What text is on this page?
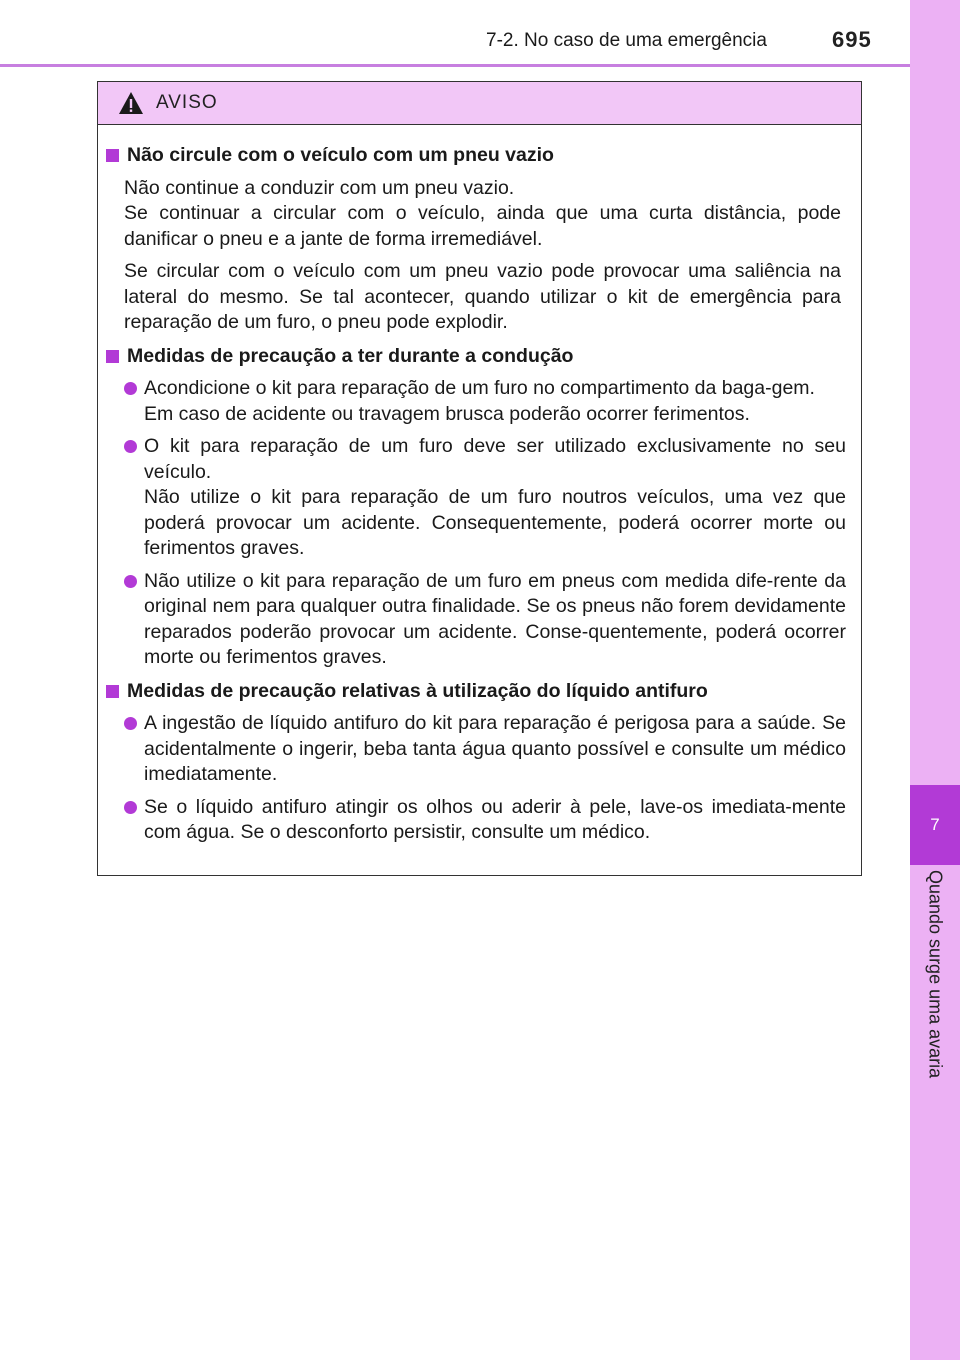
7-2. No caso de uma emergência	695
7
Quando surge uma avaria
AVISO
Não circule com o veículo com um pneu vazio
Não continue a conduzir com um pneu vazio.
Se continuar a circular com o veículo, ainda que uma curta distância, pode danificar o pneu e a jante de forma irremediável.
Se circular com o veículo com um pneu vazio pode provocar uma saliência na lateral do mesmo. Se tal acontecer, quando utilizar o kit de emergência para reparação de um furo, o pneu pode explodir.
Medidas de precaução a ter durante a condução
Acondicione o kit para reparação de um furo no compartimento da baga-gem.
Em caso de acidente ou travagem brusca poderão ocorrer ferimentos.
O kit para reparação de um furo deve ser utilizado exclusivamente no seu veículo.
Não utilize o kit para reparação de um furo noutros veículos, uma vez que poderá provocar um acidente. Consequentemente, poderá ocorrer morte ou ferimentos graves.
Não utilize o kit para reparação de um furo em pneus com medida dife-rente da original nem para qualquer outra finalidade. Se os pneus não forem devidamente reparados poderão provocar um acidente. Conse-quentemente, poderá ocorrer morte ou ferimentos graves.
Medidas de precaução relativas à utilização do líquido antifuro
A ingestão de líquido antifuro do kit para reparação é perigosa para a saúde. Se acidentalmente o ingerir, beba tanta água quanto possível e consulte um médico imediatamente.
Se o líquido antifuro atingir os olhos ou aderir à pele, lave-os imediata-mente com água. Se o desconforto persistir, consulte um médico.
